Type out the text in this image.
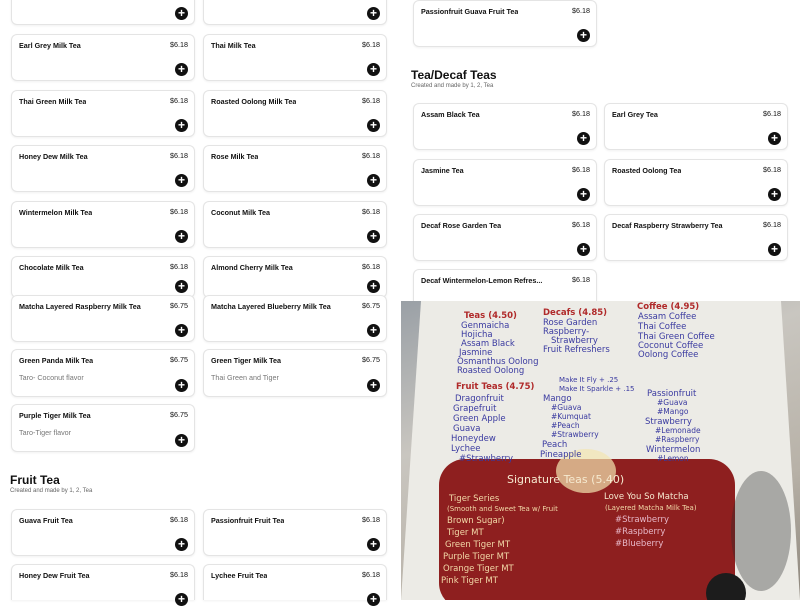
+	+
Earl Grey Milk Tea	$6.18
+
Thai Milk Tea	$6.18
+
Thai Green Milk Tea	$6.18
+
Roasted Oolong Milk Tea	$6.18
+
Honey Dew Milk Tea	$6.18
+
Rose Milk Tea	$6.18
+
Wintermelon Milk Tea	$6.18
+
Coconut Milk Tea	$6.18
+
Chocolate Milk Tea	$6.18
+
Almond Cherry Milk Tea	$6.18
+
Matcha Layered Raspberry Milk Tea	$6.75
+
Matcha Layered Blueberry Milk Tea	$6.75
+
Green Panda Milk Tea	$6.75
Taro- Coconut flavor
+
Green Tiger Milk Tea	$6.75
Thai Green and Tiger
+
Purple Tiger Milk Tea	$6.75
Taro-Tiger flavor
+
Fruit Tea
Created and made by 1, 2, Tea
Guava Fruit Tea	$6.18
+
Passionfruit Fruit Tea	$6.18
+
Honey Dew Fruit Tea	$6.18
+
Lychee Fruit Tea	$6.18
+
Passionfruit Guava Fruit Tea	$6.18
+
Tea/Decaf Teas
Created and made by 1, 2, Tea
Assam Black Tea	$6.18
+
Earl Grey Tea	$6.18
+
Jasmine Tea	$6.18
+
Roasted Oolong Tea	$6.18
+
Decaf Rose Garden Tea	$6.18
+
Decaf Raspberry Strawberry Tea	$6.18
+
Decaf Wintermelon-Lemon Refres...	$6.18
Teas (4.50)
Genmaicha
Hojicha
Assam Black
Jasmine
Osmanthus Oolong
Roasted Oolong
Decafs (4.85)
Rose Garden
Raspberry-
Strawberry
Fruit Refreshers
Coffee (4.95)
Assam Coffee
Thai Coffee
Thai Green Coffee
Coconut Coffee
Oolong Coffee
Make It Fly + .25
Make It Sparkle + .15
Fruit Teas (4.75)
Dragonfruit
Grapefruit
Green Apple
Guava
Honeydew
Lychee
#Strawberry
Mango
#Guava
#Kumquat
#Peach
#Strawberry
Peach
Pineapple
Passionfruit
#Guava
#Mango
Strawberry
#Lemonade
#Raspberry
Wintermelon
#Lemon
Signature Teas (5.40)
Tiger Series
(Smooth and Sweet Tea w/ Fruit
Brown Sugar)
Tiger MT
Green Tiger MT
Purple Tiger MT
Orange Tiger MT
Pink Tiger MT
Love You So Matcha
(Layered Matcha Milk Tea)
#Strawberry
#Raspberry
#Blueberry
